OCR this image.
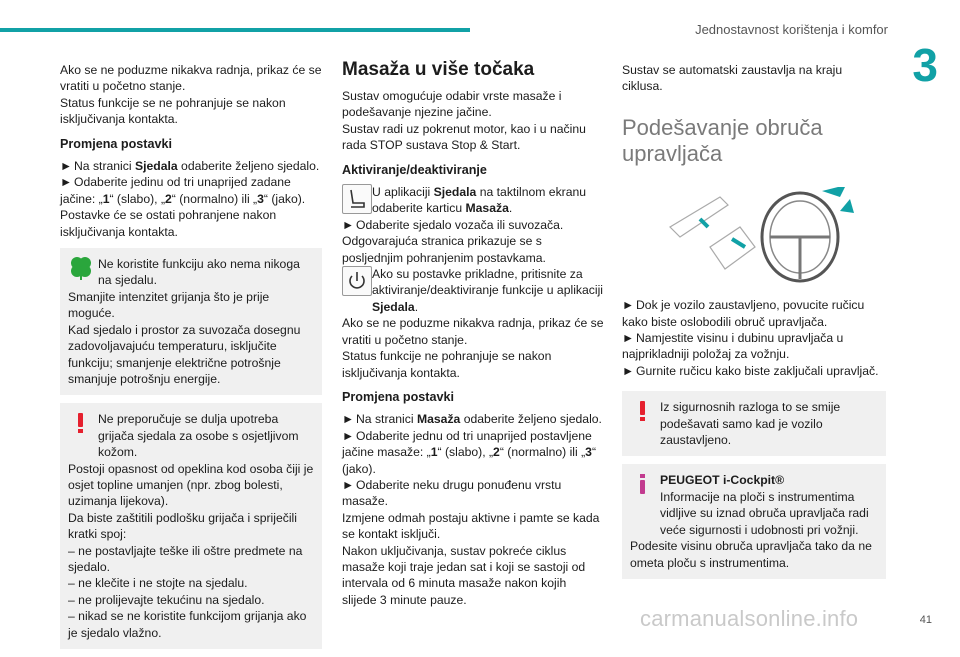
Jednostavnost korištenja i komfor
3

Ako se ne poduzme nikakva radnja, prikaz će se vratiti u početno stanje.

Status funkcije se ne pohranjuje se nakon isključivanja kontakta.

Promjena postavki

► Na stranici Sjedala odaberite željeno sjedalo.

► Odaberite jedinu od tri unaprijed zadane jačine: „1“ (slabo), „2“ (normalno) ili „3“ (jako).

Postavke će se ostati pohranjene nakon isključivanja kontakta.

Ne koristite funkciju ako nema nikoga na sjedalu.

Smanjite intenzitet grijanja što je prije moguće.

Kad sjedalo i prostor za suvozača dosegnu zadovoljavajuću temperaturu, isključite funkciju; smanjenje električne potrošnje smanjuje potrošnju energije.

Ne preporučuje se dulja upotreba grijača sjedala za osobe s osjetljivom kožom.

Postoji opasnost od opeklina kod osoba čiji je osjet topline umanjen (npr. zbog bolesti, uzimanja lijekova).

Da biste zaštitili podlošku grijača i spriječili kratki spoj:

– ne postavljajte teške ili oštre predmete na sjedalo.

– ne klečite i ne stojte na sjedalu.

– ne prolijevajte tekućinu na sjedalo.

– nikad se ne koristite funkcijom grijanja ako je sjedalo vlažno.

Masaža u više točaka

Sustav omogućuje odabir vrste masaže i podešavanje njezine jačine.

Sustav radi uz pokrenut motor, kao i u načinu rada STOP sustava Stop & Start.

Aktiviranje/deaktiviranje

U aplikaciji Sjedala na taktilnom ekranu odaberite karticu Masaža.

► Odaberite sjedalo vozača ili suvozača.

Odgovarajuća stranica prikazuje se s posljednjim pohranjenim postavkama.

Ako su postavke prikladne, pritisnite za aktiviranje/deaktiviranje funkcije u aplikaciji Sjedala.

Ako se ne poduzme nikakva radnja, prikaz će se vratiti u početno stanje.

Status funkcije ne pohranjuje se nakon isključivanja kontakta.

Promjena postavki

► Na stranici Masaža odaberite željeno sjedalo.

► Odaberite jednu od tri unaprijed postavljene jačine masaže: „1“ (slabo), „2“ (normalno) ili „3“ (jako).

► Odaberite neku drugu ponuđenu vrstu masaže.

Izmjene odmah postaju aktivne i pamte se kada se kontakt isključi.

Nakon uključivanja, sustav pokreće ciklus masaže koji traje jedan sat i koji se sastoji od intervala od 6 minuta masaže nakon kojih slijede 3 minute pauze.

Sustav se automatski zaustavlja na kraju ciklusa.

Podešavanje obruča upravljača

► Dok je vozilo zaustavljeno, povucite ručicu kako biste oslobodili obruč upravljača.

► Namjestite visinu i dubinu upravljača u najprikladniji položaj za vožnju.

► Gurnite ručicu kako biste zaključali upravljač.

Iz sigurnosnih razloga to se smije podešavati samo kad je vozilo zaustavljeno.

PEUGEOT i-Cockpit®

Informacije na ploči s instrumentima vidljive su iznad obruča upravljača radi veće sigurnosti i udobnosti pri vožnji.

Podesite visinu obruča upravljača tako da ne ometa ploču s instrumentima.

41
carmanualsonline.info
